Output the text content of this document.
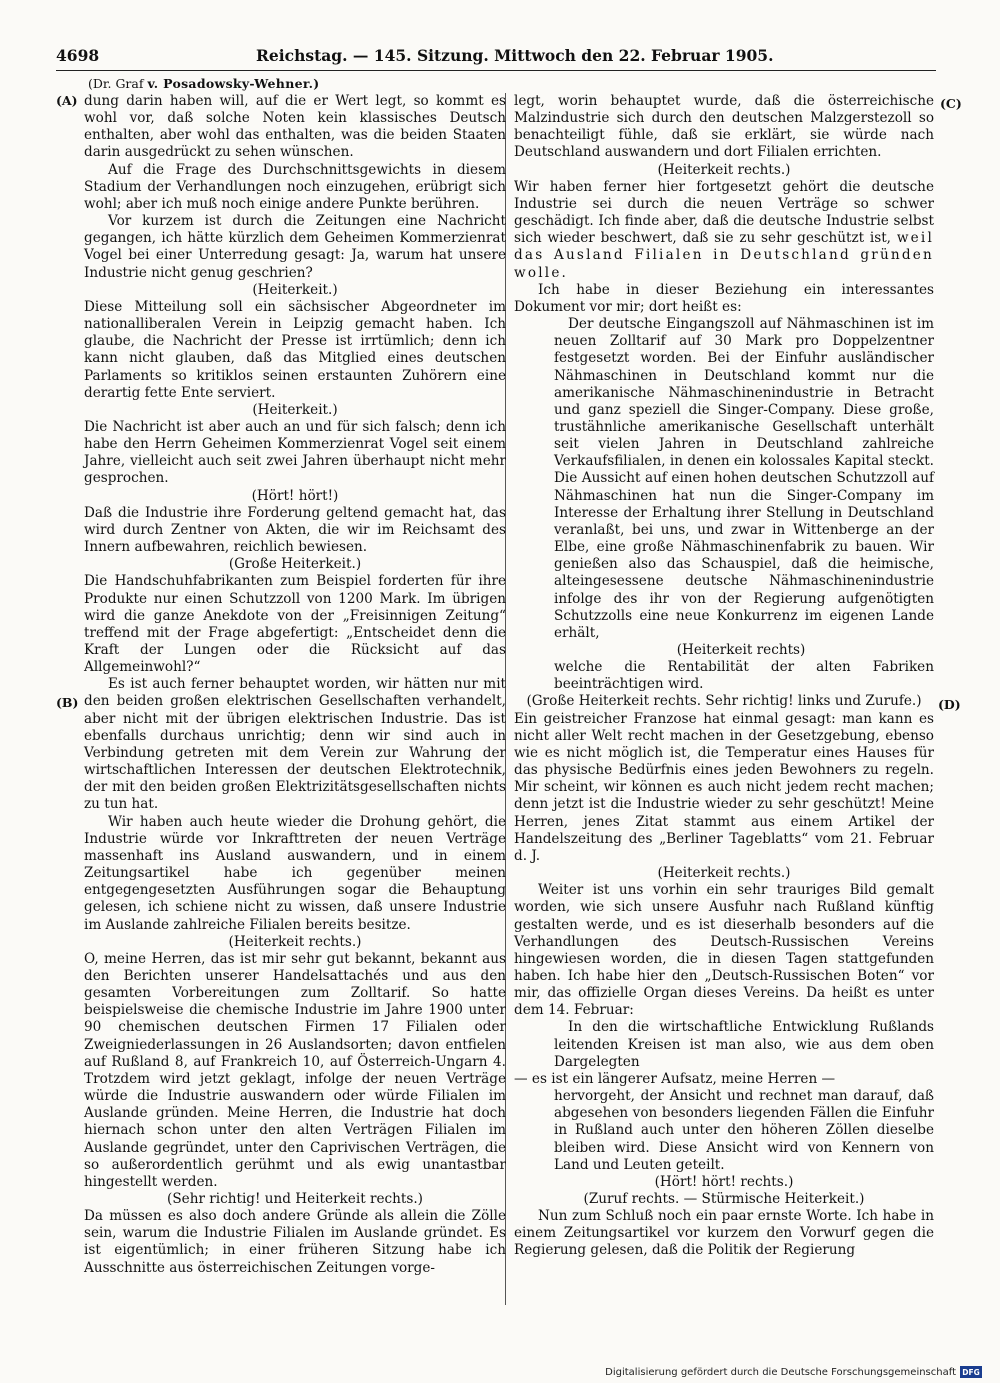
4698	Reichstag. — 145. Sitzung. Mittwoch den 22. Februar 1905.
(Dr. Graf v. Posadowsky-Wehner.)
(A)
(B)
(C)
(D)

dung darin haben will, auf die er Wert legt, so kommt es wohl vor, daß solche Noten kein klassisches Deutsch enthalten, aber wohl das enthalten, was die beiden Staaten darin ausgedrückt zu sehen wünschen.

Auf die Frage des Durchschnittsgewichts in diesem Stadium der Verhandlungen noch einzugehen, erübrigt sich wohl; aber ich muß noch einige andere Punkte berühren.

Vor kurzem ist durch die Zeitungen eine Nachricht gegangen, ich hätte kürzlich dem Geheimen Kommerzienrat Vogel bei einer Unterredung gesagt: Ja, warum hat unsere Industrie nicht genug geschrien?

(Heiterkeit.)

Diese Mitteilung soll ein sächsischer Abgeordneter im nationalliberalen Verein in Leipzig gemacht haben. Ich glaube, die Nachricht der Presse ist irrtümlich; denn ich kann nicht glauben, daß das Mitglied eines deutschen Parlaments so kritiklos seinen erstaunten Zuhörern eine derartig fette Ente serviert.

(Heiterkeit.)

Die Nachricht ist aber auch an und für sich falsch; denn ich habe den Herrn Geheimen Kommerzienrat Vogel seit einem Jahre, vielleicht auch seit zwei Jahren überhaupt nicht mehr gesprochen.

(Hört! hört!)

Daß die Industrie ihre Forderung geltend gemacht hat, das wird durch Zentner von Akten, die wir im Reichsamt des Innern aufbewahren, reichlich bewiesen.

(Große Heiterkeit.)

Die Handschuhfabrikanten zum Beispiel forderten für ihre Produkte nur einen Schutzzoll von 1200 Mark. Im übrigen wird die ganze Anekdote von der „Freisinnigen Zeitung“ treffend mit der Frage abgefertigt: „Entscheidet denn die Kraft der Lungen oder die Rücksicht auf das Allgemeinwohl?“

Es ist auch ferner behauptet worden, wir hätten nur mit den beiden großen elektrischen Gesellschaften verhandelt, aber nicht mit der übrigen elektrischen Industrie. Das ist ebenfalls durchaus unrichtig; denn wir sind auch in Verbindung getreten mit dem Verein zur Wahrung der wirtschaftlichen Interessen der deutschen Elektrotechnik, der mit den beiden großen Elektrizitätsgesellschaften nichts zu tun hat.

Wir haben auch heute wieder die Drohung gehört, die Industrie würde vor Inkrafttreten der neuen Verträge massenhaft ins Ausland auswandern, und in einem Zeitungsartikel habe ich gegenüber meinen entgegengesetzten Ausführungen sogar die Behauptung gelesen, ich schiene nicht zu wissen, daß unsere Industrie im Auslande zahlreiche Filialen bereits besitze.

(Heiterkeit rechts.)

O, meine Herren, das ist mir sehr gut bekannt, bekannt aus den Berichten unserer Handelsattachés und aus den gesamten Vorbereitungen zum Zolltarif. So hatte beispielsweise die chemische Industrie im Jahre 1900 unter 90 chemischen deutschen Firmen 17 Filialen oder Zweigniederlassungen in 26 Auslandsorten; davon entfielen auf Rußland 8, auf Frankreich 10, auf Österreich-Ungarn 4. Trotzdem wird jetzt geklagt, infolge der neuen Verträge würde die Industrie auswandern oder würde Filialen im Auslande gründen. Meine Herren, die Industrie hat doch hiernach schon unter den alten Verträgen Filialen im Auslande gegründet, unter den Caprivischen Verträgen, die so außerordentlich gerühmt und als ewig unantastbar hingestellt werden.

(Sehr richtig! und Heiterkeit rechts.)

Da müssen es also doch andere Gründe als allein die Zölle sein, warum die Industrie Filialen im Auslande gründet. Es ist eigentümlich; in einer früheren Sitzung habe ich Ausschnitte aus österreichischen Zeitungen vorge-

legt, worin behauptet wurde, daß die österreichische Malzindustrie sich durch den deutschen Malzgerstezoll so benachteiligt fühle, daß sie erklärt, sie würde nach Deutschland auswandern und dort Filialen errichten.

(Heiterkeit rechts.)

Wir haben ferner hier fortgesetzt gehört die deutsche Industrie sei durch die neuen Verträge so schwer geschädigt. Ich finde aber, daß die deutsche Industrie selbst sich wieder beschwert, daß sie zu sehr geschützt ist, weil das Ausland Filialen in Deutschland gründen wolle.

Ich habe in dieser Beziehung ein interessantes Dokument vor mir; dort heißt es:

Der deutsche Eingangszoll auf Nähmaschinen ist im neuen Zolltarif auf 30 Mark pro Doppelzentner festgesetzt worden. Bei der Einfuhr ausländischer Nähmaschinen in Deutschland kommt nur die amerikanische Nähmaschinenindustrie in Betracht und ganz speziell die Singer-Company. Diese große, trustähnliche amerikanische Gesellschaft unterhält seit vielen Jahren in Deutschland zahlreiche Verkaufsfilialen, in denen ein kolossales Kapital steckt. Die Aussicht auf einen hohen deutschen Schutzzoll auf Nähmaschinen hat nun die Singer-Company im Interesse der Erhaltung ihrer Stellung in Deutschland veranlaßt, bei uns, und zwar in Wittenberge an der Elbe, eine große Nähmaschinenfabrik zu bauen. Wir genießen also das Schauspiel, daß die heimische, alteingesessene deutsche Nähmaschinenindustrie infolge des ihr von der Regierung aufgenötigten Schutzzolls eine neue Konkurrenz im eigenen Lande erhält,

(Heiterkeit rechts)

welche die Rentabilität der alten Fabriken beeinträchtigen wird.

(Große Heiterkeit rechts. Sehr richtig! links und Zurufe.)

Ein geistreicher Franzose hat einmal gesagt: man kann es nicht aller Welt recht machen in der Gesetzgebung, ebenso wie es nicht möglich ist, die Temperatur eines Hauses für das physische Bedürfnis eines jeden Bewohners zu regeln. Mir scheint, wir können es auch nicht jedem recht machen; denn jetzt ist die Industrie wieder zu sehr geschützt! Meine Herren, jenes Zitat stammt aus einem Artikel der Handelszeitung des „Berliner Tageblatts“ vom 21. Februar d. J.

(Heiterkeit rechts.)

Weiter ist uns vorhin ein sehr trauriges Bild gemalt worden, wie sich unsere Ausfuhr nach Rußland künftig gestalten werde, und es ist dieserhalb besonders auf die Verhandlungen des Deutsch-Russischen Vereins hingewiesen worden, die in diesen Tagen stattgefunden haben. Ich habe hier den „Deutsch-Russischen Boten“ vor mir, das offizielle Organ dieses Vereins. Da heißt es unter dem 14. Februar:

In den die wirtschaftliche Entwicklung Rußlands leitenden Kreisen ist man also, wie aus dem oben Dargelegten

— es ist ein längerer Aufsatz, meine Herren —

hervorgeht, der Ansicht und rechnet man darauf, daß abgesehen von besonders liegenden Fällen die Einfuhr in Rußland auch unter den höheren Zöllen dieselbe bleiben wird. Diese Ansicht wird von Kennern von Land und Leuten geteilt.

(Hört! hört! rechts.)

(Zuruf rechts. — Stürmische Heiterkeit.)

Nun zum Schluß noch ein paar ernste Worte. Ich habe in einem Zeitungsartikel vor kurzem den Vorwurf gegen die Regierung gelesen, daß die Politik der Regierung

Digitalisierung gefördert durch die Deutsche Forschungsgemeinschaft DFG
